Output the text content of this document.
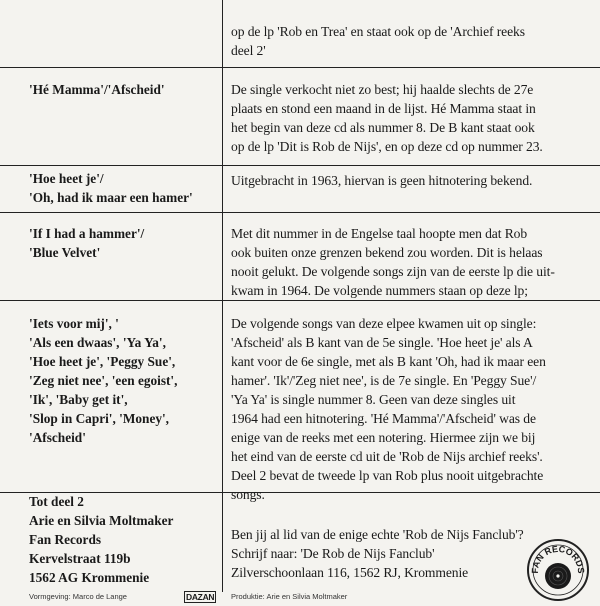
op de lp 'Rob en Trea' en staat ook op de 'Archief reeks
deel 2'

'Hé Mamma'/'Afscheid'	De single verkocht niet zo best; hij haalde slechts de 27e
plaats en stond een maand in de lijst. Hé Mamma staat in
het begin van deze cd als nummer 8. De B kant staat ook
op de lp 'Dit is Rob de Nijs', en op deze cd op nummer 23.

'Hoe heet je'/
'Oh, had ik maar een hamer'

Uitgebracht in 1963, hiervan is geen hitnotering bekend.

'If I had a hammer'/
'Blue Velvet'

Met dit nummer in de Engelse taal hoopte men dat Rob
ook buiten onze grenzen bekend zou worden. Dit is helaas
nooit gelukt. De volgende songs zijn van de eerste lp die uit-
kwam in 1964. De volgende nummers staan op deze lp;

'Iets voor mij', '
'Als een dwaas', 'Ya Ya',
'Hoe heet je', 'Peggy Sue',
'Zeg niet nee', 'een egoist',
'Ik', 'Baby get it',
'Slop in Capri', 'Money',
'Afscheid'

De volgende songs van deze elpee kwamen uit op single:
'Afscheid' als B kant van de 5e single. 'Hoe heet je' als A
kant voor de 6e single, met als B kant 'Oh, had ik maar een
hamer'. 'Ik'/'Zeg niet nee', is de 7e single. En 'Peggy Sue'/
'Ya Ya' is single nummer 8. Geen van deze singles uit
1964 had een hitnotering. 'Hé Mamma'/'Afscheid' was de
enige van de reeks met een notering. Hiermee zijn we bij
het eind van de eerste cd uit de 'Rob de Nijs archief reeks'.
Deel 2 bevat de tweede lp van Rob plus nooit uitgebrachte
songs.

Tot deel 2
Arie en Silvia Moltmaker
Fan Records
Kervelstraat 119b
1562 AG Krommenie

Ben jij al lid van de enige echte 'Rob de Nijs Fanclub'?
Schrijf naar: 'De Rob de Nijs Fanclub'
Zilverschoonlaan 116, 1562 RJ, Krommenie

Vormgeving: Marco de Lange	DAZAN Produktie: Arie en Silvia Moltmaker
FAN RECORDS
